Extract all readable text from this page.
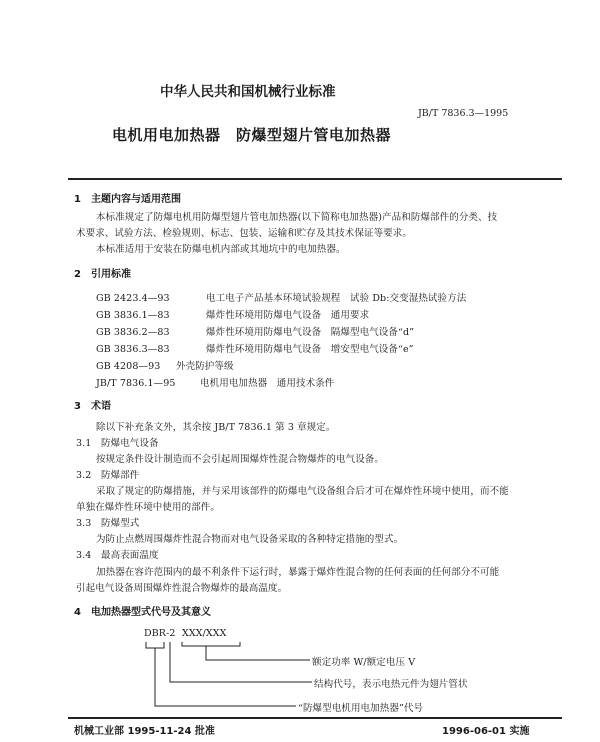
中华人民共和国机械行业标准
JB/T 7836.3—1995
电机用电加热器　防爆型翅片管电加热器
1　主题内容与适用范围
本标准规定了防爆电机用防爆型翅片管电加热器(以下简称电加热器)产品和防爆部件的分类、技
术要求、试验方法、检验规则、标志、包装、运输和贮存及其技术保证等要求。
本标准适用于安装在防爆电机内部或其地坑中的电加热器。
2　引用标准
GB 2423.4—93	电工电子产品基本环境试验规程　试验 Db:交变湿热试验方法
GB 3836.1—83	爆炸性环境用防爆电气设备　通用要求
GB 3836.2—83	爆炸性环境用防爆电气设备　隔爆型电气设备“d”
GB 3836.3—83	爆炸性环境用防爆电气设备　增安型电气设备“e”
GB 4208—93 外壳防护等级
JB/T 7836.1—95	电机用电加热器　通用技术条件
3　术语
除以下补充条文外，其余按 JB/T 7836.1 第 3 章规定。
3.1　防爆电气设备
按规定条件设计制造而不会引起周围爆炸性混合物爆炸的电气设备。
3.2　防爆部件
采取了规定的防爆措施，并与采用该部件的防爆电气设备组合后才可在爆炸性环境中使用，而不能
单独在爆炸性环境中使用的部件。
3.3　防爆型式
为防止点燃周围爆炸性混合物而对电气设备采取的各种特定措施的型式。
3.4　最高表面温度
加热器在容许范围内的最不利条件下运行时，暴露于爆炸性混合物的任何表面的任何部分不可能
引起电气设备周围爆炸性混合物爆炸的最高温度。
4　电加热器型式代号及其意义
DBR-2 XXX/XXX
额定功率 W/额定电压 V
结构代号，表示电热元件为翅片管状
“防爆型电机用电加热器”代号
机械工业部 1995-11-24 批准	1996-06-01 实施
